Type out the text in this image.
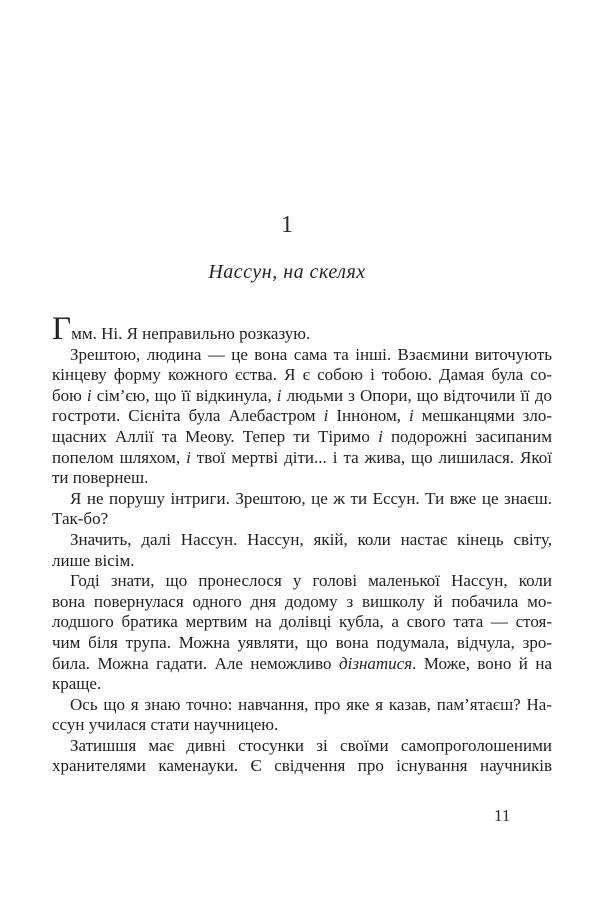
1
Нассун, на скелях
Гмм. Ні. Я неправильно розказую.
Зрештою, людина — це вона сама та інші. Взаємини виточують
кінцеву форму кожного єства. Я є собою і тобою. Дамая була со-
бою і сім’єю, що її відкинула, і людьми з Опори, що відточили її до
гостроти. Сієніта була Алебастром і Інноном, і мешканцями зло-
щасних Аллії та Меову. Тепер ти Тіримо і подорожні засипаним
попелом шляхом, і твої мертві діти... і та жива, що лишилася. Якої
ти повернеш.
Я не порушу інтриги. Зрештою, це ж ти Ессун. Ти вже це знаєш.
Так-бо?
Значить, далі Нассун. Нассун, якій, коли настає кінець світу,
лише вісім.
Годі знати, що пронеслося у голові маленької Нассун, коли
вона повернулася одного дня додому з вишколу й побачила мо-
лодшого братика мертвим на долівці кубла, а свого тата — стоя-
чим біля трупа. Можна уявляти, що вона подумала, відчула, зро-
била. Можна гадати. Але неможливо дізнатися. Може, воно й на
краще.
Ось що я знаю точно: навчання, про яке я казав, пам’ятаєш? На-
ссун училася стати научницею.
Затишшя має дивні стосунки зі своїми самопроголошеними
хранителями каменауки. Є свідчення про існування научників
11
